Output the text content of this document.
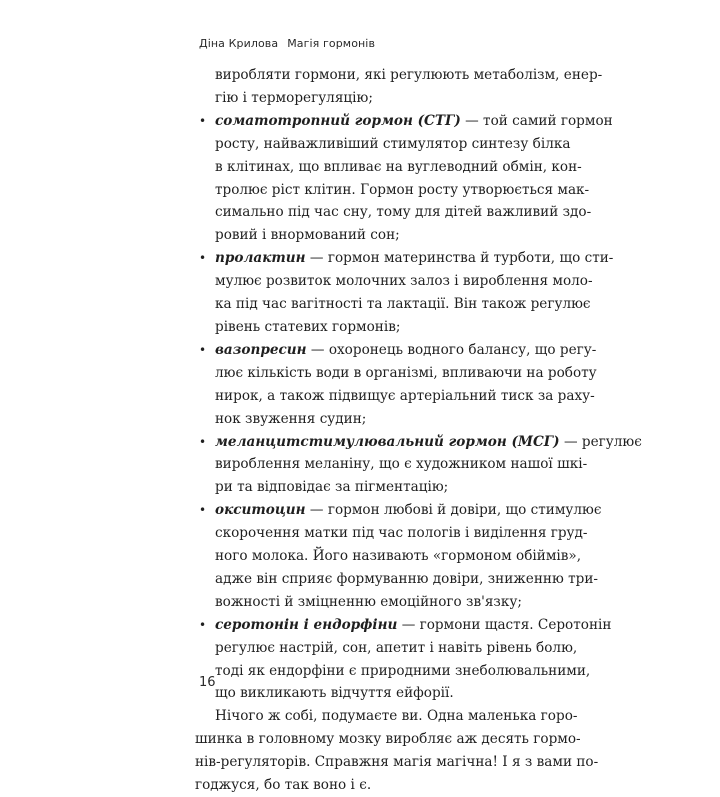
Діна Крилова Магія гормонів
виробляти гормони, які регулюють метаболізм, енер-
гію і терморегуляцію;
• соматотропний гормон (СТГ) — той самий гормон
росту, найважливіший стимулятор синтезу білка
в клітинах, що впливає на вуглеводний обмін, кон-
тролює ріст клітин. Гормон росту утворюється мак-
симально під час сну, тому для дітей важливий здо-
ровий і внормований сон;
• пролактин — гормон материнства й турботи, що сти-
мулює розвиток молочних залоз і вироблення моло-
ка під час вагітності та лактації. Він також регулює
рівень статевих гормонів;
• вазопресин — охоронець водного балансу, що регу-
лює кількість води в організмі, впливаючи на роботу
нирок, а також підвищує артеріальний тиск за раху-
нок звуження судин;
• меланцитстимулювальний гормон (МСГ) — регулює
вироблення меланіну, що є художником нашої шкі-
ри та відповідає за пігментацію;
• окситоцин — гормон любові й довіри, що стимулює
скорочення матки під час пологів і виділення груд-
ного молока. Його називають «гормоном обіймів»,
адже він сприяє формуванню довіри, зниженню три-
вожності й зміцненню емоційного зв'язку;
• серотонін і ендорфіни — гормони щастя. Серотонін
регулює настрій, сон, апетит і навіть рівень болю,
тоді як ендорфіни є природними знеболювальними,
що викликають відчуття ейфорії.
Нічого ж собі, подумаєте ви. Одна маленька горо-
шинка в головному мозку виробляє аж десять гормо-
нів-регуляторів. Справжня магія магічна! І я з вами по-
годжуся, бо так воно і є.
16
